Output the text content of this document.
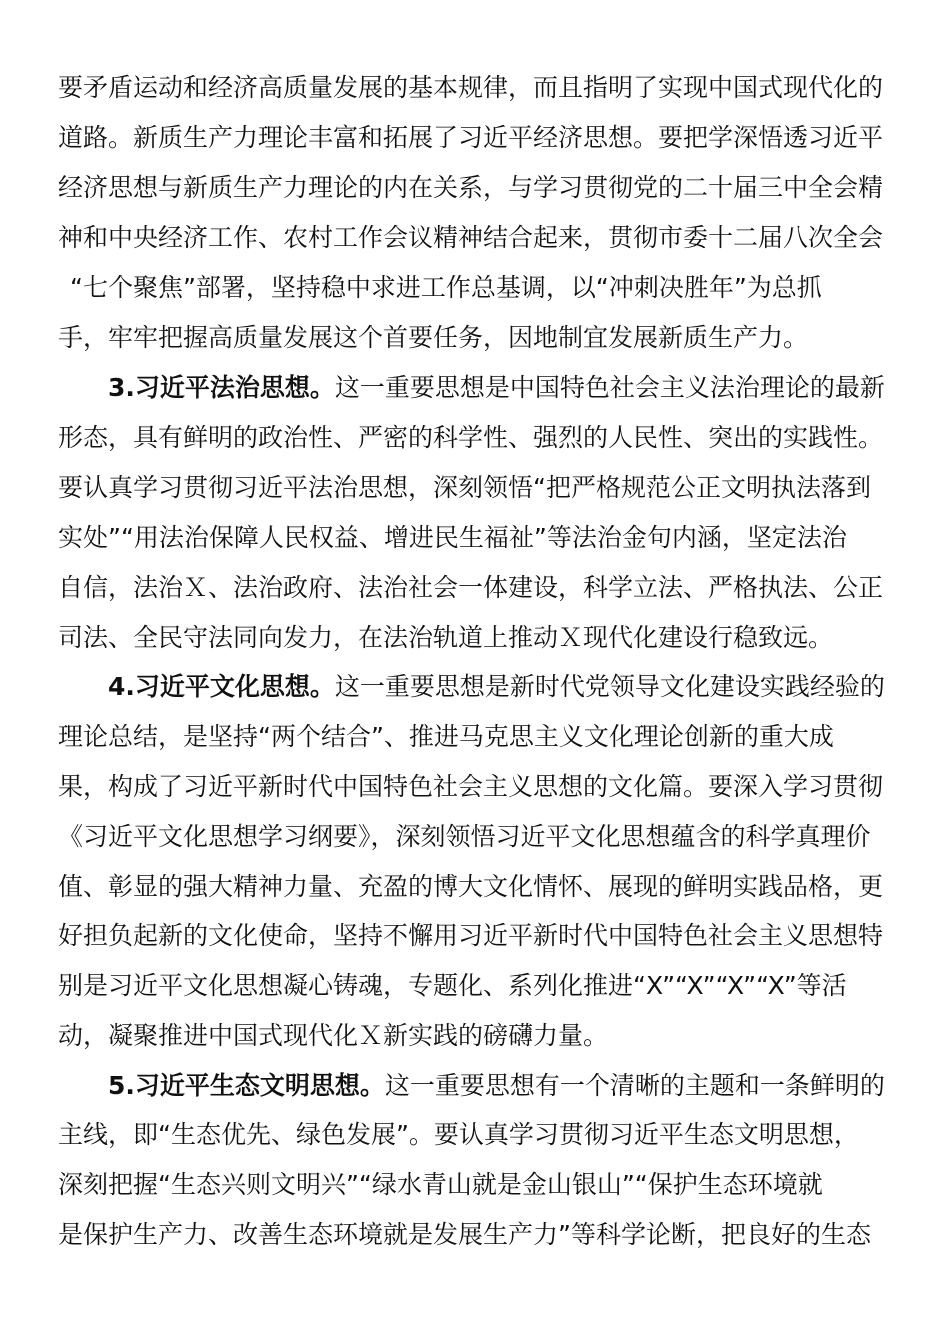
要矛盾运动和经济高质量发展的基本规律，而且指明了实现中国式现代化的
道路。新质生产力理论丰富和拓展了习近平经济思想。要把学深悟透习近平
经济思想与新质生产力理论的内在关系，与学习贯彻党的二十届三中全会精
神和中央经济工作、农村工作会议精神结合起来，贯彻市委十二届八次全会
“七个聚焦”部署，坚持稳中求进工作总基调，以“冲刺决胜年”为总抓
手，牢牢把握高质量发展这个首要任务，因地制宜发展新质生产力。
3.习近平法治思想。这一重要思想是中国特色社会主义法治理论的最新
形态，具有鲜明的政治性、严密的科学性、强烈的人民性、突出的实践性。
要认真学习贯彻习近平法治思想，深刻领悟“把严格规范公正文明执法落到
实处”“用法治保障人民权益、增进民生福祉”等法治金句内涵，坚定法治
自信，法治Ｘ、法治政府、法治社会一体建设，科学立法、严格执法、公正
司法、全民守法同向发力，在法治轨道上推动Ｘ现代化建设行稳致远。
4.习近平文化思想。这一重要思想是新时代党领导文化建设实践经验的
理论总结，是坚持“两个结合”、推进马克思主义文化理论创新的重大成
果，构成了习近平新时代中国特色社会主义思想的文化篇。要深入学习贯彻
《习近平文化思想学习纲要》，深刻领悟习近平文化思想蕴含的科学真理价
值、彰显的强大精神力量、充盈的博大文化情怀、展现的鲜明实践品格，更
好担负起新的文化使命，坚持不懈用习近平新时代中国特色社会主义思想特
别是习近平文化思想凝心铸魂，专题化、系列化推进“X”“X”“X”“X”等活
动，凝聚推进中国式现代化Ｘ新实践的磅礴力量。
5.习近平生态文明思想。这一重要思想有一个清晰的主题和一条鲜明的
主线，即“生态优先、绿色发展”。要认真学习贯彻习近平生态文明思想，
深刻把握“生态兴则文明兴”“绿水青山就是金山银山”“保护生态环境就
是保护生产力、改善生态环境就是发展生产力”等科学论断，把良好的生态
